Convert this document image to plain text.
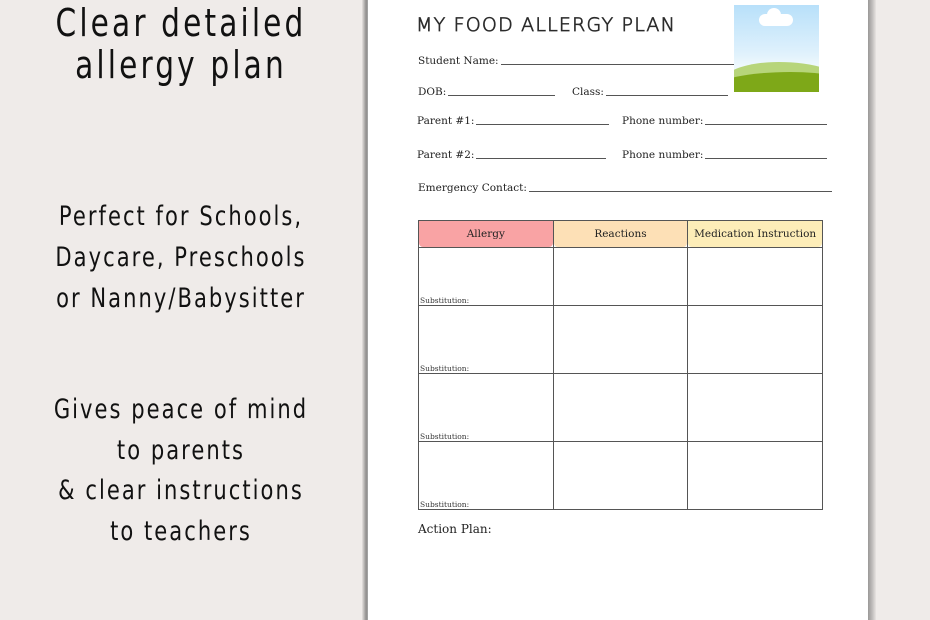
Clear detailed
allergy plan
Perfect for Schools,
Daycare, Preschools
or Nanny/Babysitter
Gives peace of mind
to parents
& clear instructions
to teachers
MY FOOD ALLERGY PLAN
Student Name:
DOB:	Class:
Parent #1:	Phone number:
Parent #2:	Phone number:
Emergency Contact:
Allergy	Reactions	Medication Instruction

Substitution:		

Substitution:		

Substitution:		

Substitution:		

Action Plan:
